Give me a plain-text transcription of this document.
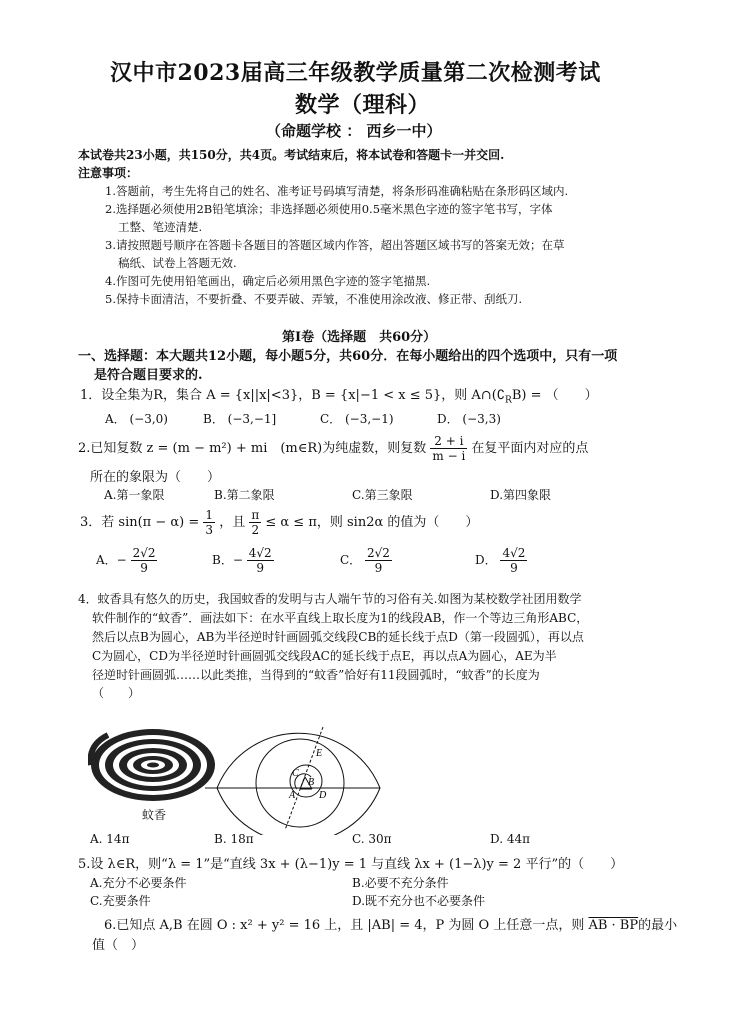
汉中市2023届高三年级教学质量第二次检测考试
数学（理科）
（命题学校 ： 西乡一中）
本试卷共23小题，共150分，共4页。考试结束后，将本试卷和答题卡一并交回.
注意事项：
1.答题前，考生先将自己的姓名、准考证号码填写清楚，将条形码准确粘贴在条形码区域内.
2.选择题必须使用2B铅笔填涂；非选择题必须使用0.5毫米黑色字迹的签字笔书写，字体
工整、笔迹清楚.
3.请按照题号顺序在答题卡各题目的答题区域内作答，超出答题区域书写的答案无效；在草
稿纸、试卷上答题无效.
4.作图可先使用铅笔画出，确定后必须用黑色字迹的签字笔描黑.
5.保持卡面清洁，不要折叠、不要弄破、弄皱，不准使用涂改液、修正带、刮纸刀.
第Ⅰ卷（选择题　共60分）
一、选择题：本大题共12小题，每小题5分，共60分．在每小题给出的四个选项中，只有一项
是符合题目要求的.
1．设全集为R，集合 A = {x||x|<3}，B = {x|−1 < x ≤ 5}，则 $A\cap(∁_RB)$ = （　　）
A． (−3,0)	B． (−3,−1]	C． (−3,−1)	D． (−3,3)
2.已知复数 z = (m − m²) + mi　(m∈R)为纯虚数，则复数 $\frac{2 + i}{m - i}$ 在复平面内对应的点
所在的象限为（　　）
A.第一象限	B.第二象限	C.第三象限	D.第四象限
3．若 $\sin(\pi - \alpha) = \frac{1}{3}$ ，且 $\frac{\pi}{2} \le \alpha \le \pi$，则 sin2α 的值为（　　）
A．− $\frac{2√2}{9}$	B．− $\frac{4√2}{9}$	C． $\frac{2√2}{9}$	D． $\frac{4√2}{9}$
4．蚊香具有悠久的历史，我国蚊香的发明与古人端午节的习俗有关.如图为某校数学社团用数学
软件制作的“蚊香”．画法如下：在水平直线上取长度为1的线段AB，作一个等边三角形ABC，
然后以点B为圆心，AB为半径逆时针画圆弧交线段CB的延长线于点D（第一段圆弧），再以点
C为圆心，CD为半径逆时针画圆弧交线段AC的延长线于点E，再以点A为圆心，AE为半
径逆时针画圆弧……以此类推，当得到的“蚊香”恰好有11段圆弧时，“蚊香”的长度为
（　　）
蚊香
A
B
C
D
E
A. 14π	B. 18π	C. 30π	D. 44π
5.设 λ∈R，则“λ = 1”是“直线 3x + (λ−1)y = 1 与直线 λx + (1−λ)y = 2 平行”的（　　）
A.充分不必要条件	B.必要不充分条件
C.充要条件	D.既不充分也不必要条件
6.已知点 A,B 在圆 O : x² + y² = 16 上，且 |AB| = 4，P 为圆 O 上任意一点，则 AB · BP的最小
值（　）
